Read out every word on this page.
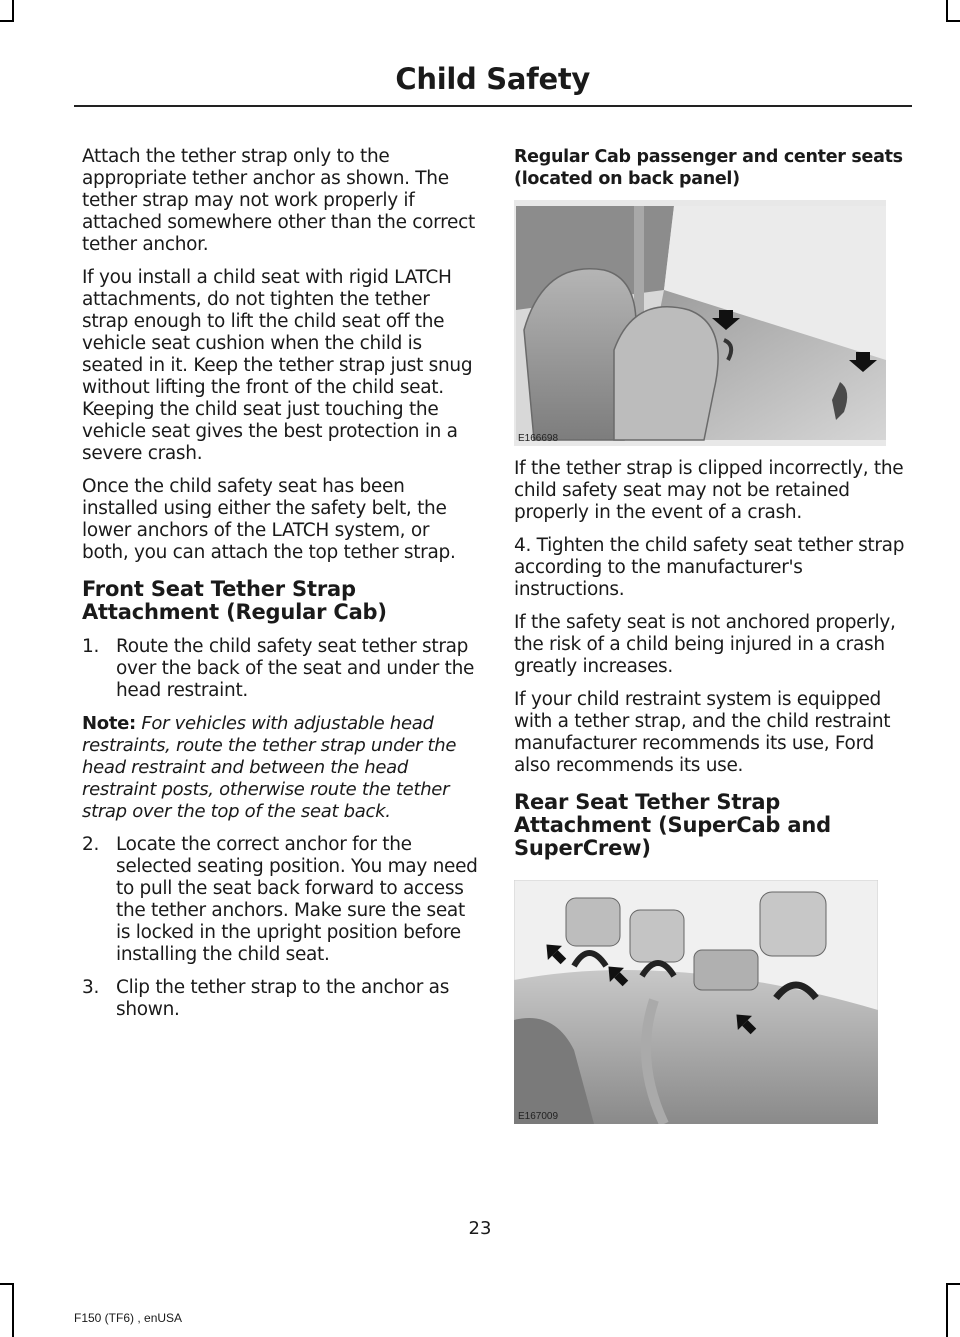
Child Safety

Attach the tether strap only to the appropriate tether anchor as shown. The tether strap may not work properly if attached somewhere other than the correct tether anchor.

If you install a child seat with rigid LATCH attachments, do not tighten the tether strap enough to lift the child seat off the vehicle seat cushion when the child is seated in it. Keep the tether strap just snug without lifting the front of the child seat. Keeping the child seat just touching the vehicle seat gives the best protection in a severe crash.

Once the child safety seat has been installed using either the safety belt, the lower anchors of the LATCH system, or both, you can attach the top tether strap.

Front Seat Tether Strap Attachment (Regular Cab)
1. Route the child safety seat tether strap over the back of the seat and under the head restraint.
Note: For vehicles with adjustable head restraints, route the tether strap under the head restraint and between the head restraint posts, otherwise route the tether strap over the top of the seat back.
2. Locate the correct anchor for the selected seating position. You may need to pull the seat back forward to access the tether anchors. Make sure the seat is locked in the upright position before installing the child seat.
3. Clip the tether strap to the anchor as shown.
Regular Cab passenger and center seats (located on back panel)
E166698

If the tether strap is clipped incorrectly, the child safety seat may not be retained properly in the event of a crash.

4. Tighten the child safety seat tether strap according to the manufacturer's instructions.

If the safety seat is not anchored properly, the risk of a child being injured in a crash greatly increases.

If your child restraint system is equipped with a tether strap, and the child restraint manufacturer recommends its use, Ford also recommends its use.

Rear Seat Tether Strap Attachment (SuperCab and SuperCrew)
E167009
23
F150 (TF6) , enUSA
